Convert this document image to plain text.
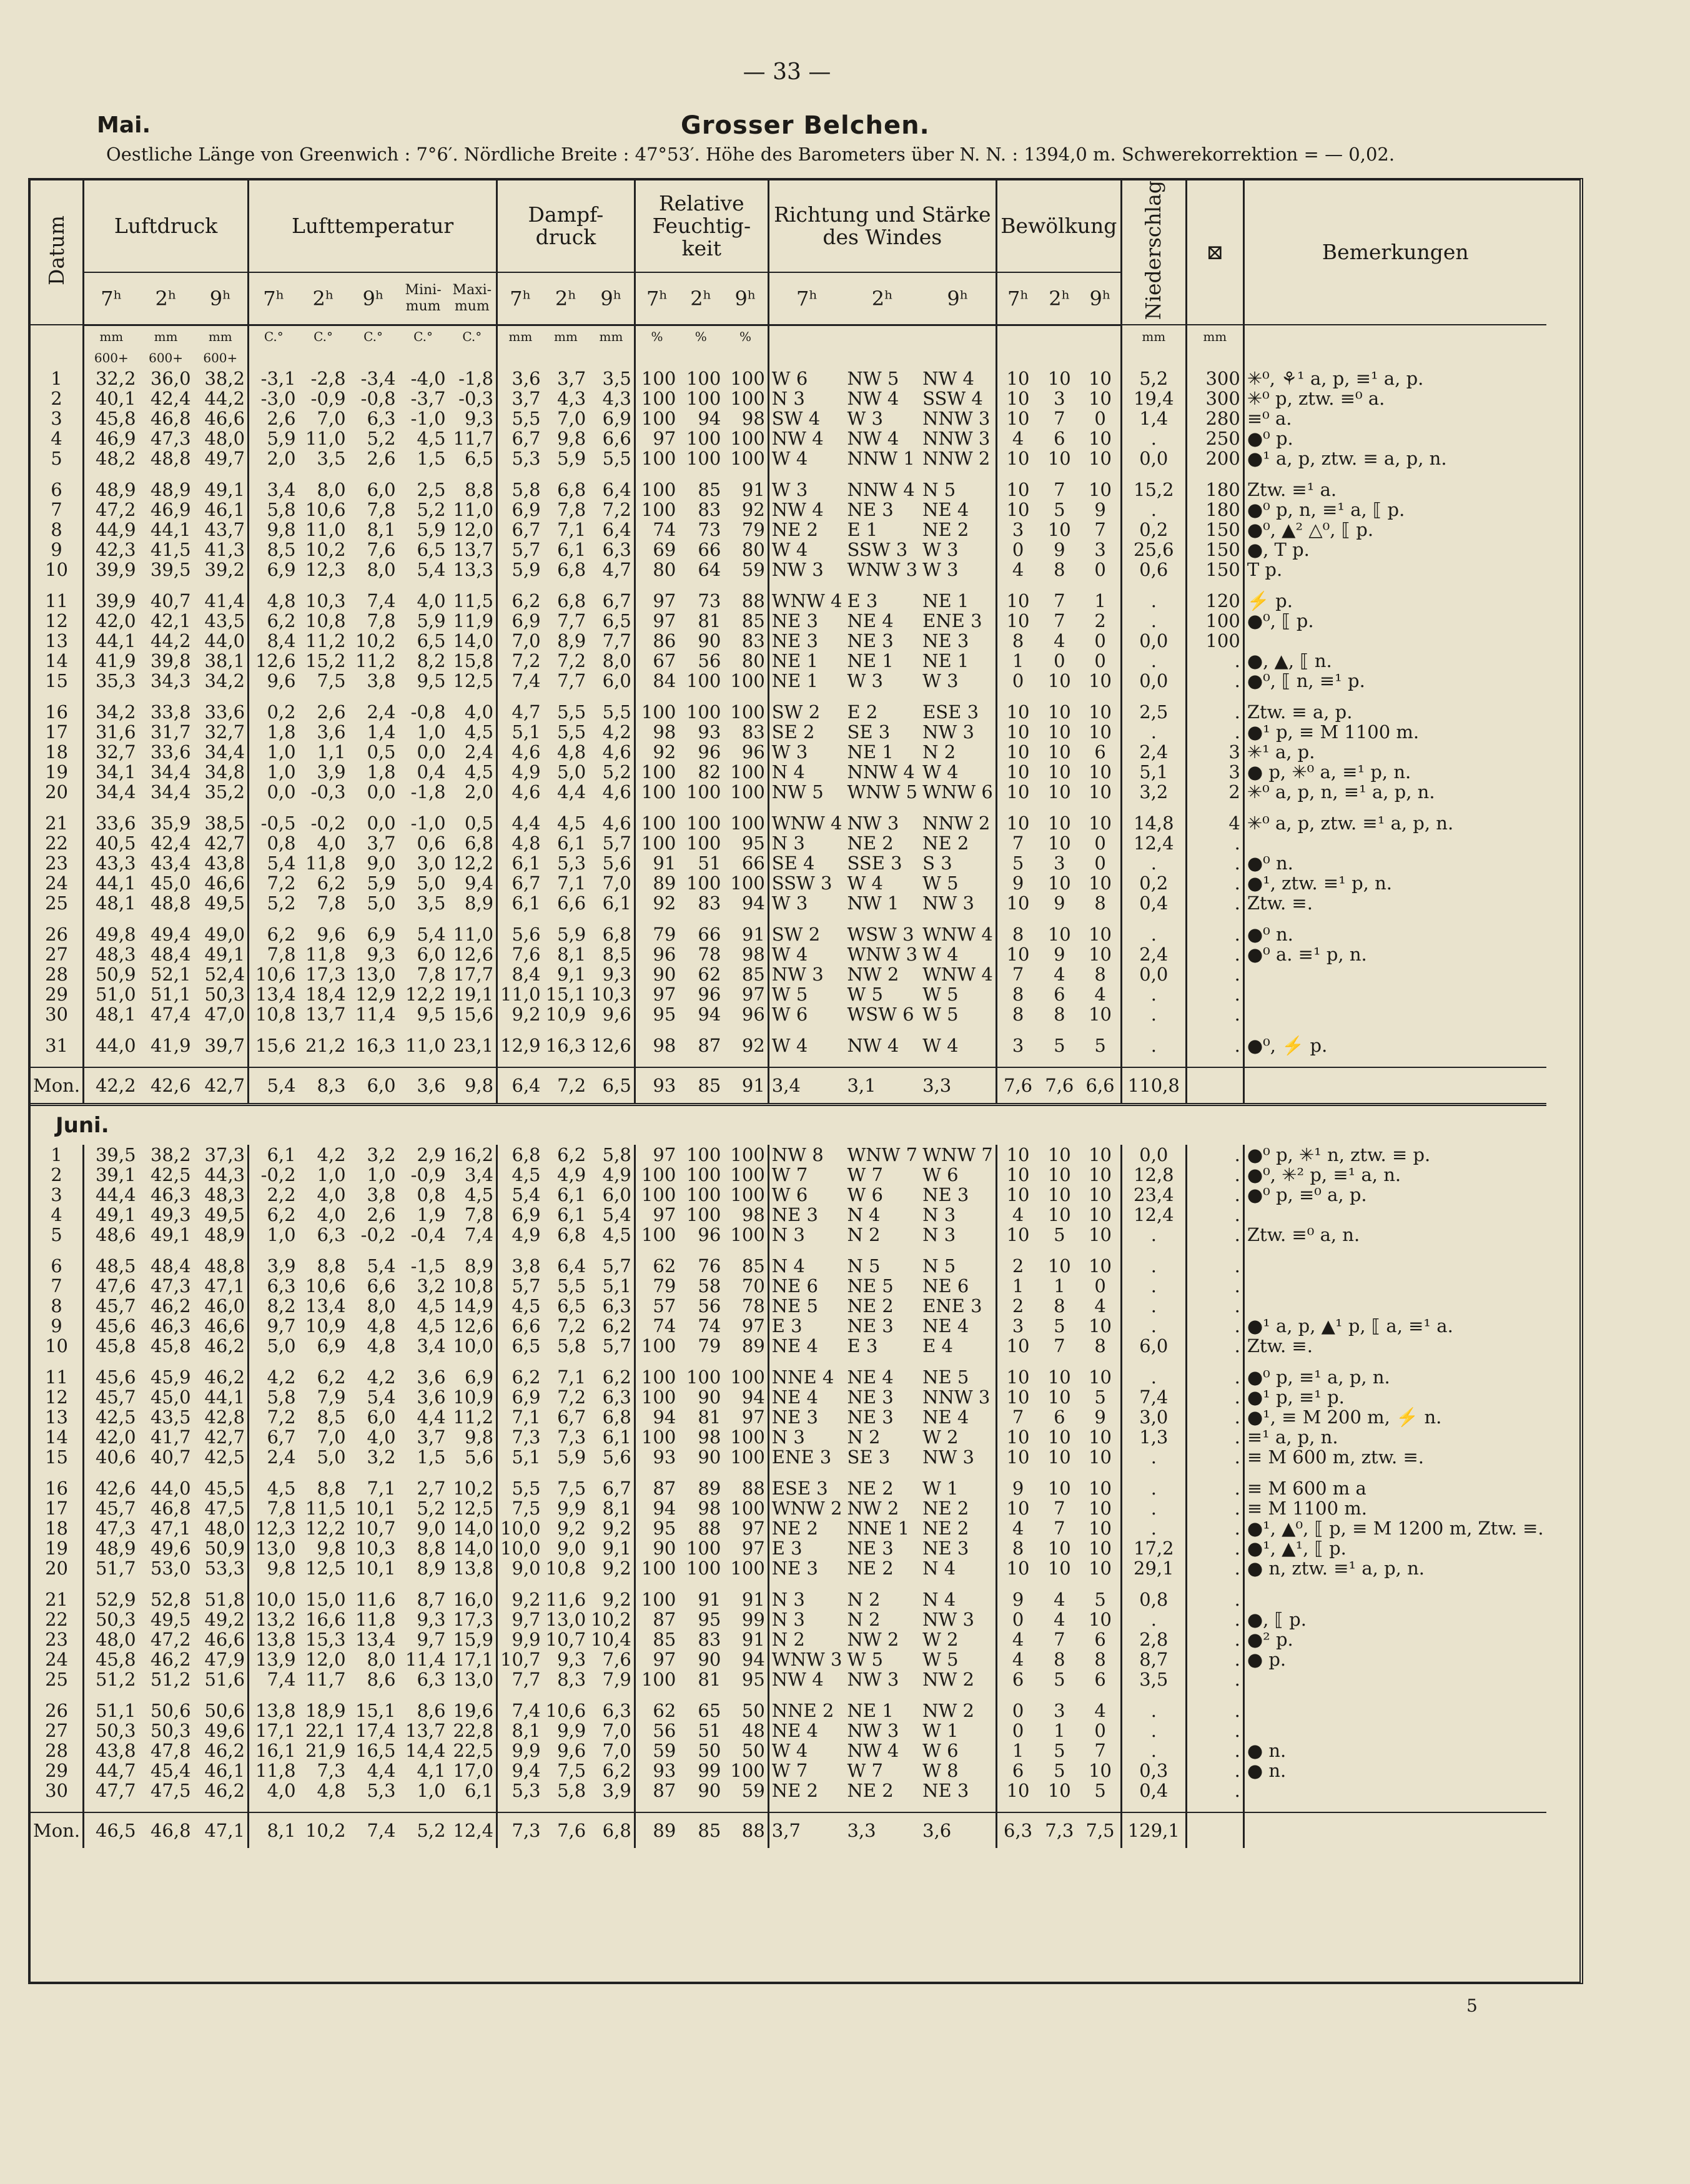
— 33 —
Mai.	Grosser Belchen.
Oestliche Länge von Greenwich : 7°6′. Nördliche Breite : 47°53′. Höhe des Barometers über N. N. : 1394,0 m. Schwerekorrektion = — 0,02.
Datum	Luftdruck			Lufttemperatur					Dampf-druck			Relative Feuchtig-keit			Richtung und Stärke des Windes			Bewölkung			Niederschlag	⊠	Bemerkungen
	7ʰ	2ʰ	9ʰ	7ʰ	2ʰ	9ʰ	Mini-mum	Maxi-mum	7ʰ	2ʰ	9ʰ	7ʰ	2ʰ	9ʰ	7ʰ	2ʰ	9ʰ	7ʰ	2ʰ	9ʰ			
	mm	mm	mm	C.°	C.°	C.°	C.°	C.°	mm	mm	mm	%	%	%							mm	mm	
	600+	600+	600+																				
1	32,2	36,0	38,2	-3,1	-2,8	-3,4	-4,0	-1,8	3,6	3,7	3,5	100	100	100	W 6	NW 5	NW 4	10	10	10	5,2	300	✳⁰, ⚘¹ a, p, ≡¹ a, p.
2	40,1	42,4	44,2	-3,0	-0,9	-0,8	-3,7	-0,3	3,7	4,3	4,3	100	100	100	N 3	NW 4	SSW 4	10	3	10	19,4	300	✳⁰ p, ztw. ≡⁰ a.
3	45,8	46,8	46,6	2,6	7,0	6,3	-1,0	9,3	5,5	7,0	6,9	100	94	98	SW 4	W 3	NNW 3	10	7	0	1,4	280	≡⁰ a.
4	46,9	47,3	48,0	5,9	11,0	5,2	4,5	11,7	6,7	9,8	6,6	97	100	100	NW 4	NW 4	NNW 3	4	6	10	.	250	●⁰ p.
5	48,2	48,8	49,7	2,0	3,5	2,6	1,5	6,5	5,3	5,9	5,5	100	100	100	W 4	NNW 1	NNW 2	10	10	10	0,0	200	●¹ a, p, ztw. ≡ a, p, n.

6	48,9	48,9	49,1	3,4	8,0	6,0	2,5	8,8	5,8	6,8	6,4	100	85	91	W 3	NNW 4	N 5	10	7	10	15,2	180	Ztw. ≡¹ a.
7	47,2	46,9	46,1	5,8	10,6	7,8	5,2	11,0	6,9	7,8	7,2	100	83	92	NW 4	NE 3	NE 4	10	5	9	.	180	●⁰ p, n, ≡¹ a, ⟦ p.
8	44,9	44,1	43,7	9,8	11,0	8,1	5,9	12,0	6,7	7,1	6,4	74	73	79	NE 2	E 1	NE 2	3	10	7	0,2	150	●⁰, ▲² △⁰, ⟦ p.
9	42,3	41,5	41,3	8,5	10,2	7,6	6,5	13,7	5,7	6,1	6,3	69	66	80	W 4	SSW 3	W 3	0	9	3	25,6	150	●, T p.
10	39,9	39,5	39,2	6,9	12,3	8,0	5,4	13,3	5,9	6,8	4,7	80	64	59	NW 3	WNW 3	W 3	4	8	0	0,6	150	T p.

11	39,9	40,7	41,4	4,8	10,3	7,4	4,0	11,5	6,2	6,8	6,7	97	73	88	WNW 4	E 3	NE 1	10	7	1	.	120	⚡ p.
12	42,0	42,1	43,5	6,2	10,8	7,8	5,9	11,9	6,9	7,7	6,5	97	81	85	NE 3	NE 4	ENE 3	10	7	2	.	100	●⁰, ⟦ p.
13	44,1	44,2	44,0	8,4	11,2	10,2	6,5	14,0	7,0	8,9	7,7	86	90	83	NE 3	NE 3	NE 3	8	4	0	0,0	100	
14	41,9	39,8	38,1	12,6	15,2	11,2	8,2	15,8	7,2	7,2	8,0	67	56	80	NE 1	NE 1	NE 1	1	0	0	.	.	●, ▲, ⟦ n.
15	35,3	34,3	34,2	9,6	7,5	3,8	9,5	12,5	7,4	7,7	6,0	84	100	100	NE 1	W 3	W 3	0	10	10	0,0	.	●⁰, ⟦ n, ≡¹ p.

16	34,2	33,8	33,6	0,2	2,6	2,4	-0,8	4,0	4,7	5,5	5,5	100	100	100	SW 2	E 2	ESE 3	10	10	10	2,5	.	Ztw. ≡ a, p.
17	31,6	31,7	32,7	1,8	3,6	1,4	1,0	4,5	5,1	5,5	4,2	98	93	83	SE 2	SE 3	NW 3	10	10	10	.	.	●¹ p, ≡ M 1100 m.
18	32,7	33,6	34,4	1,0	1,1	0,5	0,0	2,4	4,6	4,8	4,6	92	96	96	W 3	NE 1	N 2	10	10	6	2,4	3	✳¹ a, p.
19	34,1	34,4	34,8	1,0	3,9	1,8	0,4	4,5	4,9	5,0	5,2	100	82	100	N 4	NNW 4	W 4	10	10	10	5,1	3	● p, ✳⁰ a, ≡¹ p, n.
20	34,4	34,4	35,2	0,0	-0,3	0,0	-1,8	2,0	4,6	4,4	4,6	100	100	100	NW 5	WNW 5	WNW 6	10	10	10	3,2	2	✳⁰ a, p, n, ≡¹ a, p, n.

21	33,6	35,9	38,5	-0,5	-0,2	0,0	-1,0	0,5	4,4	4,5	4,6	100	100	100	WNW 4	NW 3	NNW 2	10	10	10	14,8	4	✳⁰ a, p, ztw. ≡¹ a, p, n.
22	40,5	42,4	42,7	0,8	4,0	3,7	0,6	6,8	4,8	6,1	5,7	100	100	95	N 3	NE 2	NE 2	7	10	0	12,4	.	
23	43,3	43,4	43,8	5,4	11,8	9,0	3,0	12,2	6,1	5,3	5,6	91	51	66	SE 4	SSE 3	S 3	5	3	0	.	.	●⁰ n.
24	44,1	45,0	46,6	7,2	6,2	5,9	5,0	9,4	6,7	7,1	7,0	89	100	100	SSW 3	W 4	W 5	9	10	10	0,2	.	●¹, ztw. ≡¹ p, n.
25	48,1	48,8	49,5	5,2	7,8	5,0	3,5	8,9	6,1	6,6	6,1	92	83	94	W 3	NW 1	NW 3	10	9	8	0,4	.	Ztw. ≡.

26	49,8	49,4	49,0	6,2	9,6	6,9	5,4	11,0	5,6	5,9	6,8	79	66	91	SW 2	WSW 3	WNW 4	8	10	10	.	.	●⁰ n.
27	48,3	48,4	49,1	7,8	11,8	9,3	6,0	12,6	7,6	8,1	8,5	96	78	98	W 4	WNW 3	W 4	10	9	10	2,4	.	●⁰ a. ≡¹ p, n.
28	50,9	52,1	52,4	10,6	17,3	13,0	7,8	17,7	8,4	9,1	9,3	90	62	85	NW 3	NW 2	WNW 4	7	4	8	0,0	.	
29	51,0	51,1	50,3	13,4	18,4	12,9	12,2	19,1	11,0	15,1	10,3	97	96	97	W 5	W 5	W 5	8	6	4	.	.	
30	48,1	47,4	47,0	10,8	13,7	11,4	9,5	15,6	9,2	10,9	9,6	95	94	96	W 6	WSW 6	W 5	8	8	10	.	.	

31	44,0	41,9	39,7	15,6	21,2	16,3	11,0	23,1	12,9	16,3	12,6	98	87	92	W 4	NW 4	W 4	3	5	5	.	.	●⁰, ⚡ p.

Mon.	42,2	42,6	42,7	5,4	8,3	6,0	3,6	9,8	6,4	7,2	6,5	93	85	91	3,4	3,1	3,3	7,6	7,6	6,6	110,8		
Juni.																							
1	39,5	38,2	37,3	6,1	4,2	3,2	2,9	16,2	6,8	6,2	5,8	97	100	100	NW 8	WNW 7	WNW 7	10	10	10	0,0	.	●⁰ p, ✳¹ n, ztw. ≡ p.
2	39,1	42,5	44,3	-0,2	1,0	1,0	-0,9	3,4	4,5	4,9	4,9	100	100	100	W 7	W 7	W 6	10	10	10	12,8	.	●⁰, ✳² p, ≡¹ a, n.
3	44,4	46,3	48,3	2,2	4,0	3,8	0,8	4,5	5,4	6,1	6,0	100	100	100	W 6	W 6	NE 3	10	10	10	23,4	.	●⁰ p, ≡⁰ a, p.
4	49,1	49,3	49,5	6,2	4,0	2,6	1,9	7,8	6,9	6,1	5,4	97	100	98	NE 3	N 4	N 3	4	10	10	12,4	.	
5	48,6	49,1	48,9	1,0	6,3	-0,2	-0,4	7,4	4,9	6,8	4,5	100	96	100	N 3	N 2	N 3	10	5	10	.	.	Ztw. ≡⁰ a, n.

6	48,5	48,4	48,8	3,9	8,8	5,4	-1,5	8,9	3,8	6,4	5,7	62	76	85	N 4	N 5	N 5	2	10	10	.	.	
7	47,6	47,3	47,1	6,3	10,6	6,6	3,2	10,8	5,7	5,5	5,1	79	58	70	NE 6	NE 5	NE 6	1	1	0	.	.	
8	45,7	46,2	46,0	8,2	13,4	8,0	4,5	14,9	4,5	6,5	6,3	57	56	78	NE 5	NE 2	ENE 3	2	8	4	.	.	
9	45,6	46,3	46,6	9,7	10,9	4,8	4,5	12,6	6,6	7,2	6,2	74	74	97	E 3	NE 3	NE 4	3	5	10	.	.	●¹ a, p, ▲¹ p, ⟦ a, ≡¹ a.
10	45,8	45,8	46,2	5,0	6,9	4,8	3,4	10,0	6,5	5,8	5,7	100	79	89	NE 4	E 3	E 4	10	7	8	6,0	.	Ztw. ≡.

11	45,6	45,9	46,2	4,2	6,2	4,2	3,6	6,9	6,2	7,1	6,2	100	100	100	NNE 4	NE 4	NE 5	10	10	10	.	.	●⁰ p, ≡¹ a, p, n.
12	45,7	45,0	44,1	5,8	7,9	5,4	3,6	10,9	6,9	7,2	6,3	100	90	94	NE 4	NE 3	NNW 3	10	10	5	7,4	.	●¹ p, ≡¹ p.
13	42,5	43,5	42,8	7,2	8,5	6,0	4,4	11,2	7,1	6,7	6,8	94	81	97	NE 3	NE 3	NE 4	7	6	9	3,0	.	●¹, ≡ M 200 m, ⚡ n.
14	42,0	41,7	42,7	6,7	7,0	4,0	3,7	9,8	7,3	7,3	6,1	100	98	100	N 3	N 2	W 2	10	10	10	1,3	.	≡¹ a, p, n.
15	40,6	40,7	42,5	2,4	5,0	3,2	1,5	5,6	5,1	5,9	5,6	93	90	100	ENE 3	SE 3	NW 3	10	10	10	.	.	≡ M 600 m, ztw. ≡.

16	42,6	44,0	45,5	4,5	8,8	7,1	2,7	10,2	5,5	7,5	6,7	87	89	88	ESE 3	NE 2	W 1	9	10	10	.	.	≡ M 600 m a
17	45,7	46,8	47,5	7,8	11,5	10,1	5,2	12,5	7,5	9,9	8,1	94	98	100	WNW 2	NW 2	NE 2	10	7	10	.	.	≡ M 1100 m.
18	47,3	47,1	48,0	12,3	12,2	10,7	9,0	14,0	10,0	9,2	9,2	95	88	97	NE 2	NNE 1	NE 2	4	7	10	.	.	●¹, ▲⁰, ⟦ p, ≡ M 1200 m, Ztw. ≡.
19	48,9	49,6	50,9	13,0	9,8	10,3	8,8	14,0	10,0	9,0	9,1	90	100	97	E 3	NE 3	NE 3	8	10	10	17,2	.	●¹, ▲¹, ⟦ p.
20	51,7	53,0	53,3	9,8	12,5	10,1	8,9	13,8	9,0	10,8	9,2	100	100	100	NE 3	NE 2	N 4	10	10	10	29,1	.	● n, ztw. ≡¹ a, p, n.

21	52,9	52,8	51,8	10,0	15,0	11,6	8,7	16,0	9,2	11,6	9,2	100	91	91	N 3	N 2	N 4	9	4	5	0,8	.	
22	50,3	49,5	49,2	13,2	16,6	11,8	9,3	17,3	9,7	13,0	10,2	87	95	99	N 3	N 2	NW 3	0	4	10	.	.	●, ⟦ p.
23	48,0	47,2	46,6	13,8	15,3	13,4	9,7	15,9	9,9	10,7	10,4	85	83	91	N 2	NW 2	W 2	4	7	6	2,8	.	●² p.
24	45,8	46,2	47,9	13,9	12,0	8,0	11,4	17,1	10,7	9,3	7,6	97	90	94	WNW 3	W 5	W 5	4	8	8	8,7	.	● p.
25	51,2	51,2	51,6	7,4	11,7	8,6	6,3	13,0	7,7	8,3	7,9	100	81	95	NW 4	NW 3	NW 2	6	5	6	3,5	.	

26	51,1	50,6	50,6	13,8	18,9	15,1	8,6	19,6	7,4	10,6	6,3	62	65	50	NNE 2	NE 1	NW 2	0	3	4	.	.	
27	50,3	50,3	49,6	17,1	22,1	17,4	13,7	22,8	8,1	9,9	7,0	56	51	48	NE 4	NW 3	W 1	0	1	0	.	.	
28	43,8	47,8	46,2	16,1	21,9	16,5	14,4	22,5	9,9	9,6	7,0	59	50	50	W 4	NW 4	W 6	1	5	7	.	.	● n.
29	44,7	45,4	46,1	11,8	7,3	4,4	4,1	17,0	9,4	7,5	6,2	93	99	100	W 7	W 7	W 8	6	5	10	0,3	.	● n.
30	47,7	47,5	46,2	4,0	4,8	5,3	1,0	6,1	5,3	5,8	3,9	87	90	59	NE 2	NE 2	NE 3	10	10	5	0,4	.	

Mon.	46,5	46,8	47,1	8,1	10,2	7,4	5,2	12,4	7,3	7,6	6,8	89	85	88	3,7	3,3	3,6	6,3	7,3	7,5	129,1		
5
